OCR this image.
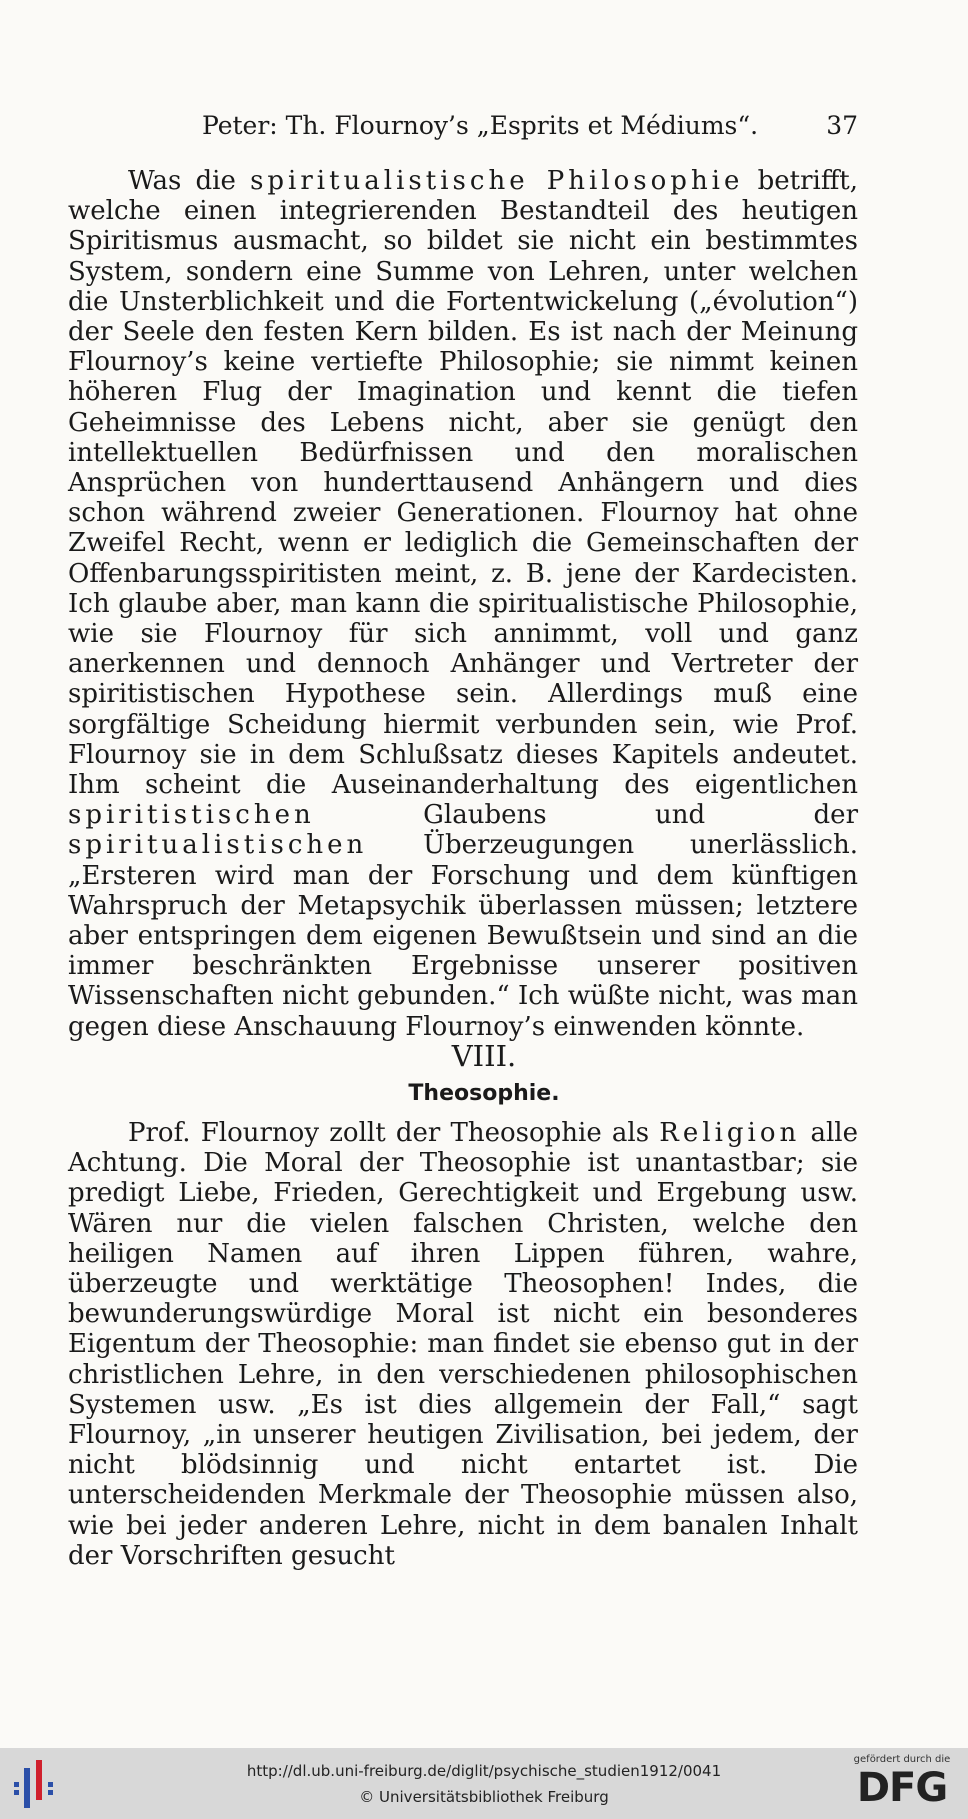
Peter: Th. Flournoy’s „Esprits et Médiums“.	37

Was die spiritualistische Philosophie betrifft, welche einen integrierenden Bestandteil des heutigen Spiritismus ausmacht, so bildet sie nicht ein bestimmtes System, sondern eine Summe von Lehren, unter welchen die Unsterblichkeit und die Fortentwickelung („évolution“) der Seele den festen Kern bilden. Es ist nach der Meinung Flournoy’s keine vertiefte Philosophie; sie nimmt keinen höheren Flug der Imagination und kennt die tiefen Geheimnisse des Lebens nicht, aber sie genügt den intellektuellen Bedürfnissen und den moralischen Ansprüchen von hunderttausend Anhängern und dies schon während zweier Generationen. Flournoy hat ohne Zweifel Recht, wenn er lediglich die Gemeinschaften der Offenbarungsspiritisten meint, z. B. jene der Kardecisten. Ich glaube aber, man kann die spiritualistische Philosophie, wie sie Flournoy für sich annimmt, voll und ganz anerkennen und dennoch Anhänger und Vertreter der spiritistischen Hypothese sein. Allerdings muß eine sorgfältige Scheidung hiermit verbunden sein, wie Prof. Flournoy sie in dem Schlußsatz dieses Kapitels andeutet. Ihm scheint die Auseinanderhaltung des eigentlichen spiritistischen Glaubens und der spiritualistischen Überzeugungen unerlässlich. „Ersteren wird man der Forschung und dem künftigen Wahrspruch der Metapsychik überlassen müssen; letztere aber entspringen dem eigenen Bewußtsein und sind an die immer beschränkten Ergebnisse unserer positiven Wissenschaften nicht gebunden.“ Ich wüßte nicht, was man gegen diese Anschauung Flournoy’s einwenden könnte.

VIII.
Theosophie.

Prof. Flournoy zollt der Theosophie als Religion alle Achtung. Die Moral der Theosophie ist unantastbar; sie predigt Liebe, Frieden, Gerechtigkeit und Ergebung usw. Wären nur die vielen falschen Christen, welche den heiligen Namen auf ihren Lippen führen, wahre, überzeugte und werktätige Theosophen! Indes, die bewunderungswürdige Moral ist nicht ein besonderes Eigentum der Theosophie: man findet sie ebenso gut in der christlichen Lehre, in den verschiedenen philosophischen Systemen usw. „Es ist dies allgemein der Fall,“ sagt Flournoy, „in unserer heutigen Zivilisation, bei jedem, der nicht blödsinnig und nicht entartet ist. Die unterscheidenden Merkmale der Theosophie müssen also, wie bei jeder anderen Lehre, nicht in dem banalen Inhalt der Vorschriften gesucht

http://dl.ub.uni-freiburg.de/diglit/psychische_studien1912/0041
© Universitätsbibliothek Freiburg
gefördert durch die
DFG
